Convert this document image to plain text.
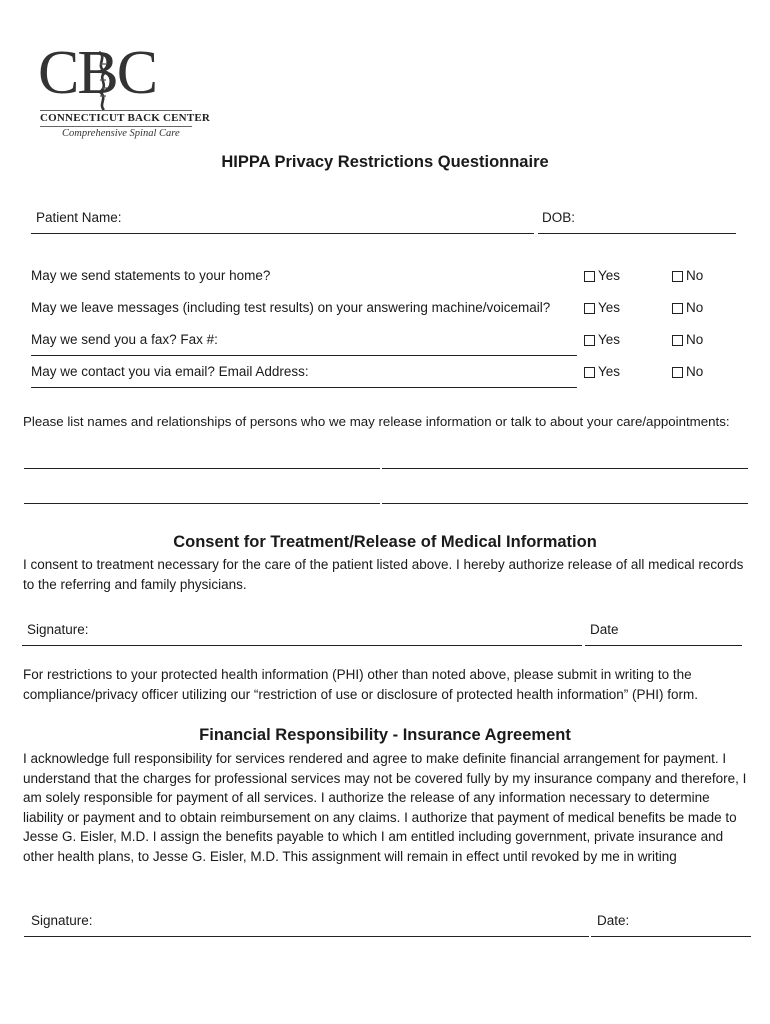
CBC
CONNECTICUT BACK CENTER
Comprehensive Spinal Care
HIPPA Privacy Restrictions Questionnaire
Patient Name:	DOB:
May we send statements to your home?	Yes	No
May we leave messages (including test results) on your answering machine/voicemail?	Yes	No
May we send you a fax? Fax #:	Yes	No
May we contact you via email? Email Address:	Yes	No
Please list names and relationships of persons who we may release information or talk to about your care/appointments:
Consent for Treatment/Release of Medical Information
I consent to treatment necessary for the care of the patient listed above. I hereby authorize release of all medical records to the referring and family physicians.
Signature:	Date
For restrictions to your protected health information (PHI) other than noted above, please submit in writing to the compliance/privacy officer utilizing our “restriction of use or disclosure of protected health information” (PHI) form.
Financial Responsibility - Insurance Agreement
I acknowledge full responsibility for services rendered and agree to make definite financial arrangement for payment. I understand that the charges for professional services may not be covered fully by my insurance company and therefore, I am solely responsible for payment of all services. I authorize the release of any information necessary to determine liability or payment and to obtain reimbursement on any claims. I authorize that payment of medical benefits be made to Jesse G. Eisler, M.D. I assign the benefits payable to which I am entitled including government, private insurance and other health plans, to Jesse G. Eisler, M.D. This assignment will remain in effect until revoked by me in writing
Signature:	Date:
